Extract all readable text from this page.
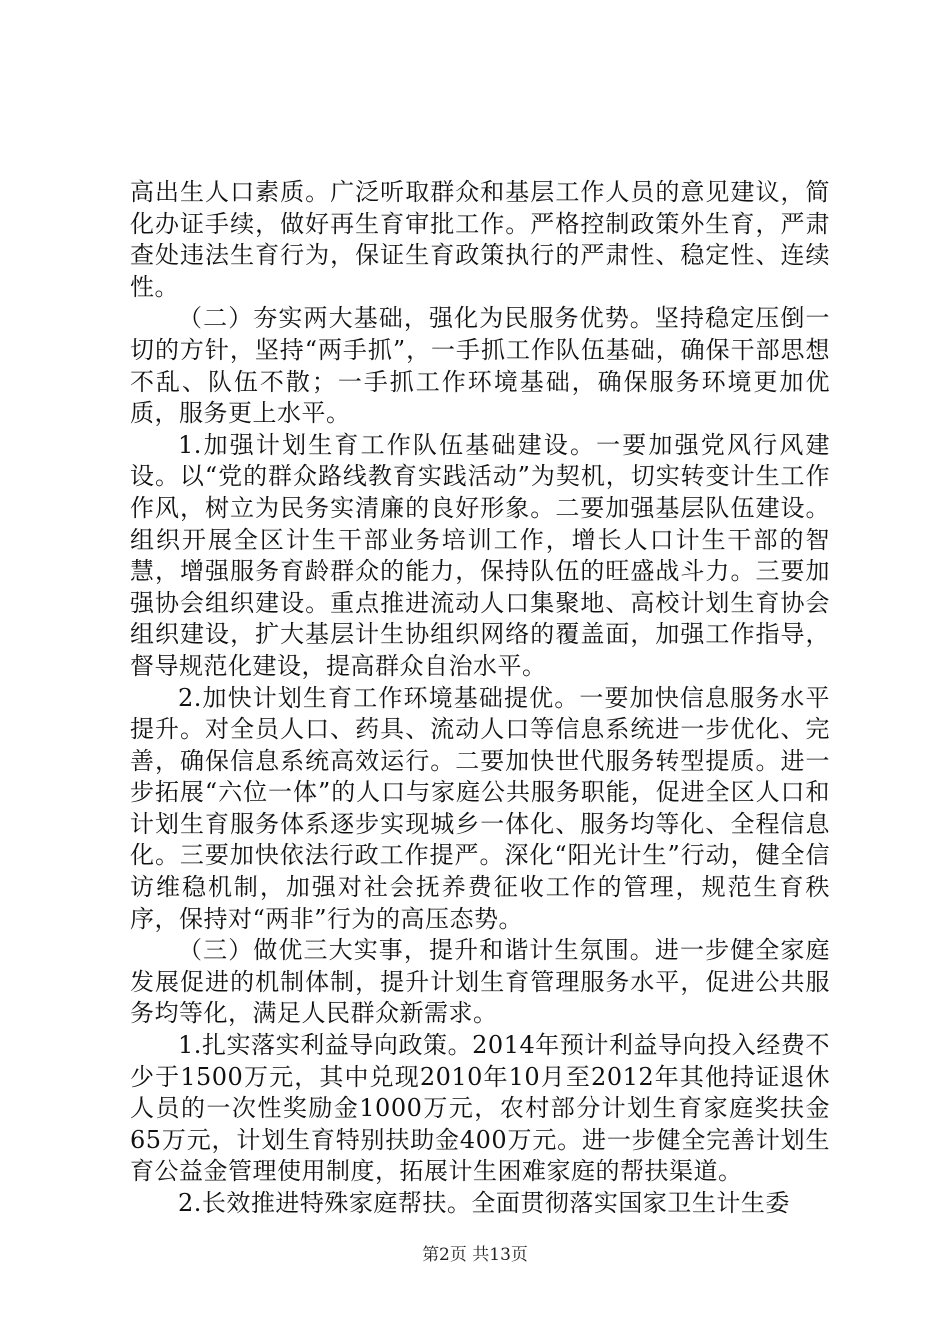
高出生人口素质。广泛听取群众和基层工作人员的意见建议，简化办证手续，做好再生育审批工作。严格控制政策外生育，严肃查处违法生育行为，保证生育政策执行的严肃性、稳定性、连续性。

（二）夯实两大基础，强化为民服务优势。坚持稳定压倒一切的方针，坚持“两手抓”，一手抓工作队伍基础，确保干部思想不乱、队伍不散；一手抓工作环境基础，确保服务环境更加优质，服务更上水平。

1.加强计划生育工作队伍基础建设。一要加强党风行风建设。以“党的群众路线教育实践活动”为契机，切实转变计生工作作风，树立为民务实清廉的良好形象。二要加强基层队伍建设。组织开展全区计生干部业务培训工作，增长人口计生干部的智慧，增强服务育龄群众的能力，保持队伍的旺盛战斗力。三要加强协会组织建设。重点推进流动人口集聚地、高校计划生育协会组织建设，扩大基层计生协组织网络的覆盖面，加强工作指导，督导规范化建设，提高群众自治水平。

2.加快计划生育工作环境基础提优。一要加快信息服务水平提升。对全员人口、药具、流动人口等信息系统进一步优化、完善，确保信息系统高效运行。二要加快世代服务转型提质。进一步拓展“六位一体”的人口与家庭公共服务职能，促进全区人口和计划生育服务体系逐步实现城乡一体化、服务均等化、全程信息化。三要加快依法行政工作提严。深化“阳光计生”行动，健全信访维稳机制，加强对社会抚养费征收工作的管理，规范生育秩序，保持对“两非”行为的高压态势。

（三）做优三大实事，提升和谐计生氛围。进一步健全家庭发展促进的机制体制，提升计划生育管理服务水平，促进公共服务均等化，满足人民群众新需求。

1.扎实落实利益导向政策。2014年预计利益导向投入经费不少于1500万元，其中兑现2010年10月至2012年其他持证退休人员的一次性奖励金1000万元，农村部分计划生育家庭奖扶金65万元，计划生育特别扶助金400万元。进一步健全完善计划生育公益金管理使用制度，拓展计生困难家庭的帮扶渠道。

2.长效推进特殊家庭帮扶。全面贯彻落实国家卫生计生委

第2页 共13页
